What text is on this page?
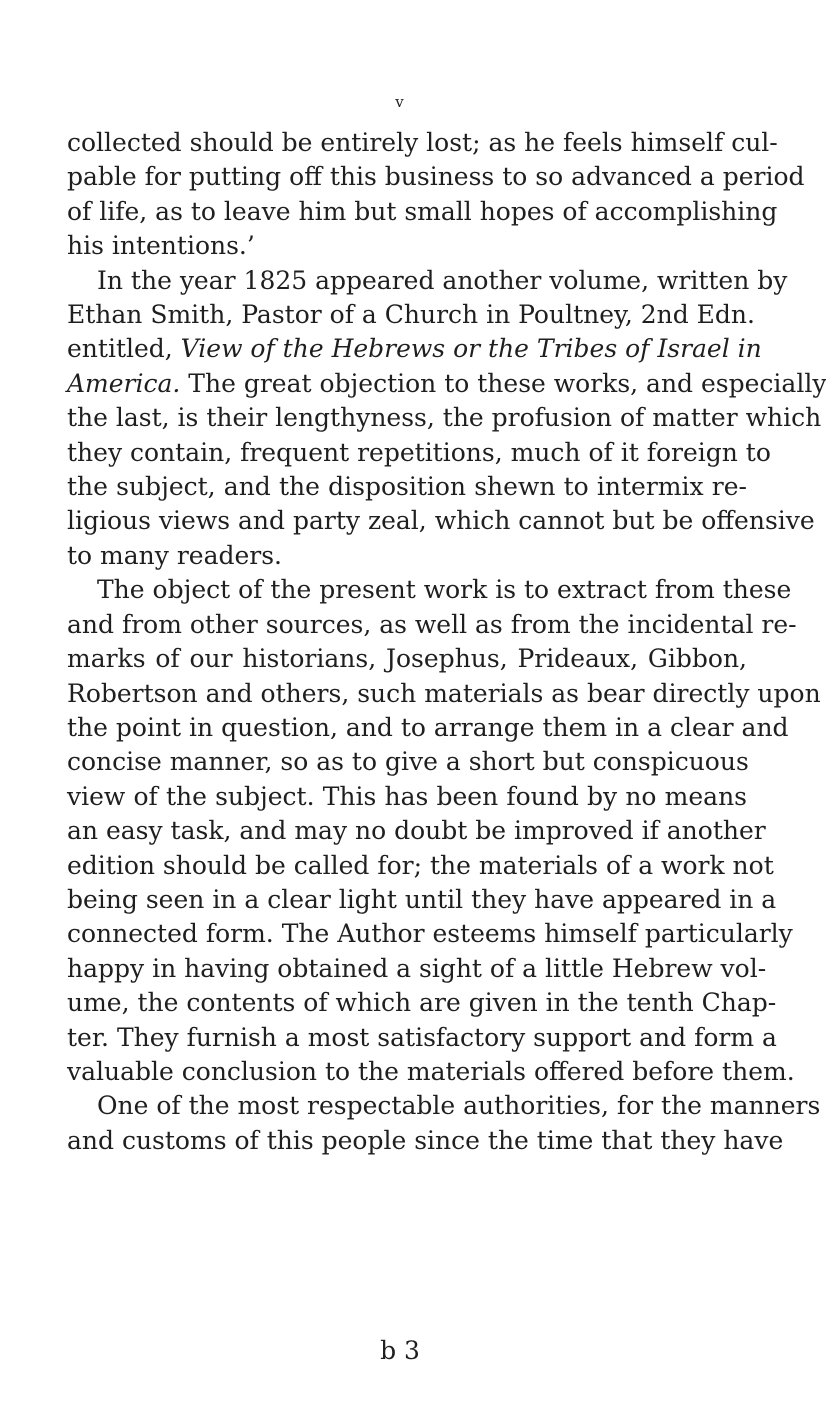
v
collected should be entirely lost; as he feels himself cul-
pable for putting off this business to so advanced a period
of life, as to leave him but small hopes of accomplishing
his intentions.’
In the year 1825 appeared another volume, written by
Ethan Smith, Pastor of a Church in Poultney, 2nd Edn.
entitled, View of the Hebrews or the Tribes of Israel in
America. The great objection to these works, and especially
the last, is their lengthyness, the profusion of matter which
they contain, frequent repetitions, much of it foreign to
the subject, and the disposition shewn to intermix re-
ligious views and party zeal, which cannot but be offensive
to many readers.
The object of the present work is to extract from these
and from other sources, as well as from the incidental re-
marks of our historians, Josephus, Prideaux, Gibbon,
Robertson and others, such materials as bear directly upon
the point in question, and to arrange them in a clear and
concise manner, so as to give a short but conspicuous
view of the subject. This has been found by no means
an easy task, and may no doubt be improved if another
edition should be called for; the materials of a work not
being seen in a clear light until they have appeared in a
connected form. The Author esteems himself particularly
happy in having obtained a sight of a little Hebrew vol-
ume, the contents of which are given in the tenth Chap-
ter. They furnish a most satisfactory support and form a
valuable conclusion to the materials offered before them.
One of the most respectable authorities, for the manners
and customs of this people since the time that they have
b 3
